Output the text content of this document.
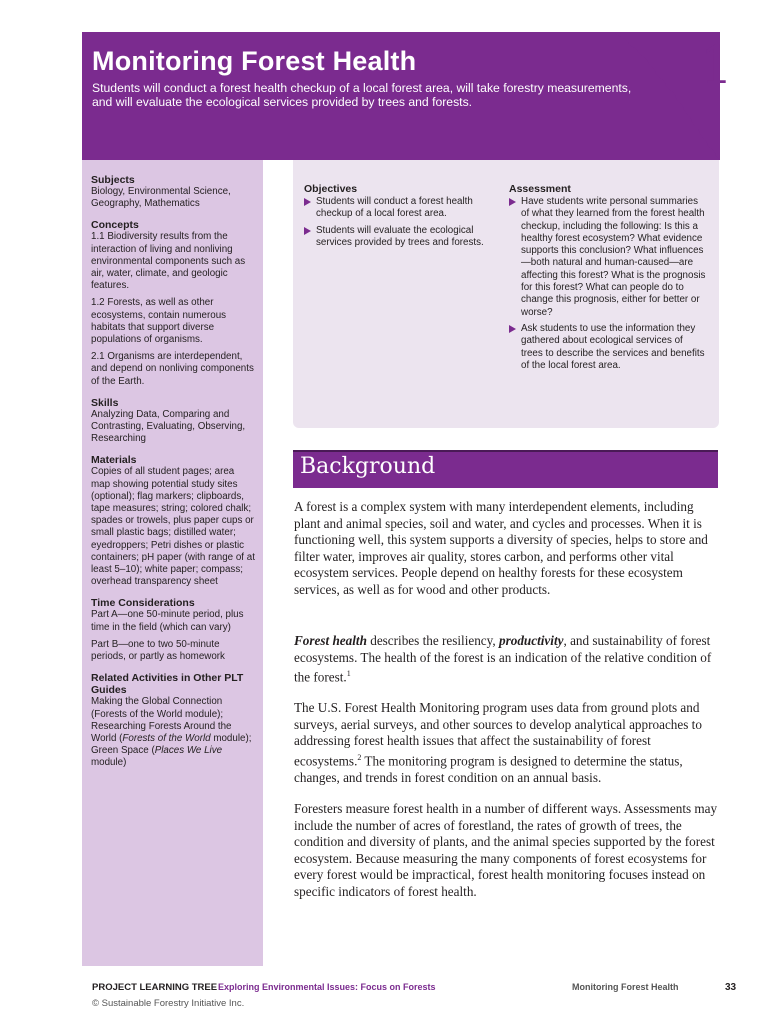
Monitoring Forest Health
Students will conduct a forest health checkup of a local forest area, will take forestry measurements, and will evaluate the ecological services provided by trees and forests.
1
Subjects
Biology, Environmental Science, Geography, Mathematics
Concepts
1.1 Biodiversity results from the interaction of living and nonliving environmental components such as air, water, climate, and geologic features.
1.2 Forests, as well as other ecosystems, contain numerous habitats that support diverse populations of organisms.
2.1 Organisms are interdependent, and depend on nonliving components of the Earth.
Skills
Analyzing Data, Comparing and Contrasting, Evaluating, Observing, Researching
Materials
Copies of all student pages; area map showing potential study sites (optional); flag markers; clipboards, tape measures; string; colored chalk; spades or trowels, plus paper cups or small plastic bags; distilled water; eyedroppers; Petri dishes or plastic containers; pH paper (with range of at least 5–10); white paper; compass; overhead transparency sheet
Time Considerations
Part A—one 50-minute period, plus time in the field (which can vary)
Part B—one to two 50-minute periods, or partly as homework
Related Activities in Other PLT Guides
Making the Global Connection (Forests of the World module); Researching Forests Around the World (Forests of the World module); Green Space (Places We Live module)
Objectives
Students will conduct a forest health checkup of a local forest area.
Students will evaluate the ecological services provided by trees and forests.
Assessment
Have students write personal summaries of what they learned from the forest health checkup, including the following: Is this a healthy forest ecosystem? What evidence supports this conclusion? What influences—both natural and human-caused—are affecting this forest? What is the prognosis for this forest? What can people do to change this prognosis, either for better or worse?
Ask students to use the information they gathered about ecological services of trees to describe the services and benefits of the local forest area.
Background
A forest is a complex system with many interdependent elements, including plant and animal species, soil and water, and cycles and processes. When it is functioning well, this system supports a diversity of species, helps to store and filter water, improves air quality, stores carbon, and performs other vital ecosystem services. People depend on healthy forests for these ecosystem services, as well as for wood and other products.
Forest health describes the resiliency, productivity, and sustainability of forest ecosystems. The health of the forest is an indication of the relative condition of the forest.$^1$
The U.S. Forest Health Monitoring program uses data from ground plots and surveys, aerial surveys, and other sources to develop analytical approaches to addressing forest health issues that affect the sustainability of forest ecosystems.$^2$ The monitoring program is designed to determine the status, changes, and trends in forest condition on an annual basis.
Foresters measure forest health in a number of different ways. Assessments may include the number of acres of forestland, the rates of growth of trees, the condition and diversity of plants, and the animal species supported by the forest ecosystem. Because measuring the many components of forest ecosystems for every forest would be impractical, forest health monitoring focuses instead on specific indicators of forest health.
PROJECT LEARNING TREE Exploring Environmental Issues: Focus on Forests	Monitoring Forest Health	33
© Sustainable Forestry Initiative Inc.
